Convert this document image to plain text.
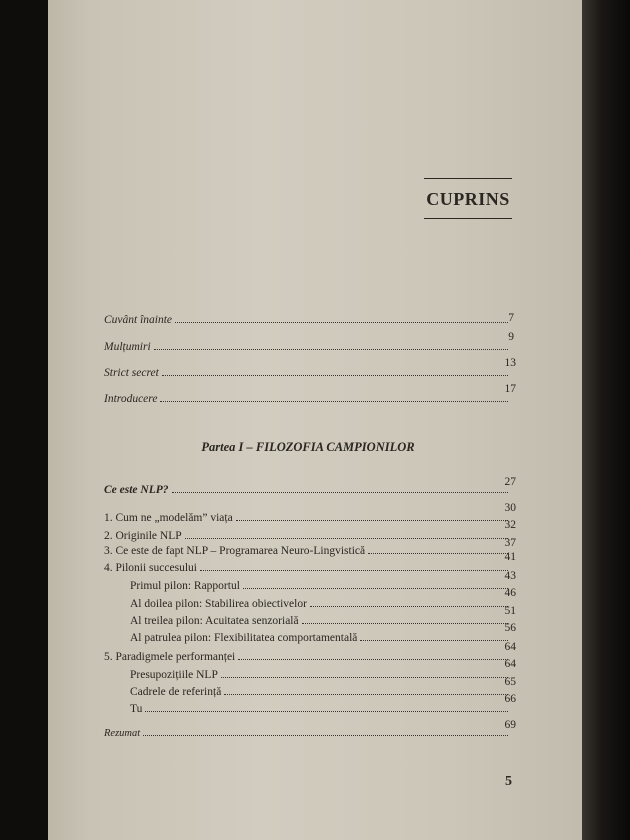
CUPRINS
Cuvânt înainte	7
Mulțumiri
9
Strict secret
13
Introducere
17
Partea I – FILOZOFIA CAMPIONILOR
Ce este NLP?
27
1. Cum ne „modelăm” viața
30
2. Originile NLP
32
3. Ce este de fapt NLP – Programarea Neuro-Lingvistică
37
4. Pilonii succesului
41
Primul pilon: Rapportul
43
Al doilea pilon: Stabilirea obiectivelor
46
Al treilea pilon: Acuitatea senzorială
51
Al patrulea pilon: Flexibilitatea comportamentală
56
5. Paradigmele performanței
64
Presupozițiile NLP
64
Cadrele de referință
65
Tu
66
Rezumat
69
5
